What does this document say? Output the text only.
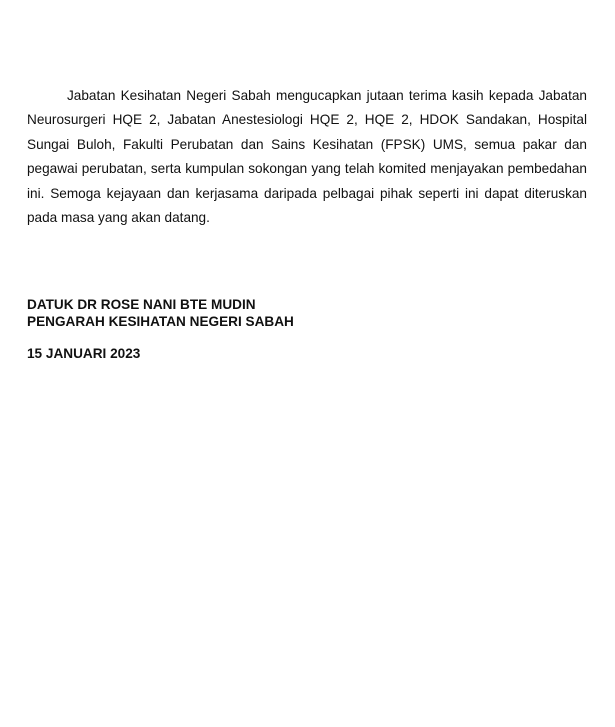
Jabatan Kesihatan Negeri Sabah mengucapkan jutaan terima kasih kepada Jabatan Neurosurgeri HQE 2, Jabatan Anestesiologi HQE 2, HQE 2, HDOK Sandakan, Hospital Sungai Buloh, Fakulti Perubatan dan Sains Kesihatan (FPSK) UMS, semua pakar dan pegawai perubatan, serta kumpulan sokongan yang telah komited menjayakan pembedahan ini. Semoga kejayaan dan kerjasama daripada pelbagai pihak seperti ini dapat diteruskan pada masa yang akan datang.

DATUK DR ROSE NANI BTE MUDIN

PENGARAH KESIHATAN NEGERI SABAH

15 JANUARI 2023
